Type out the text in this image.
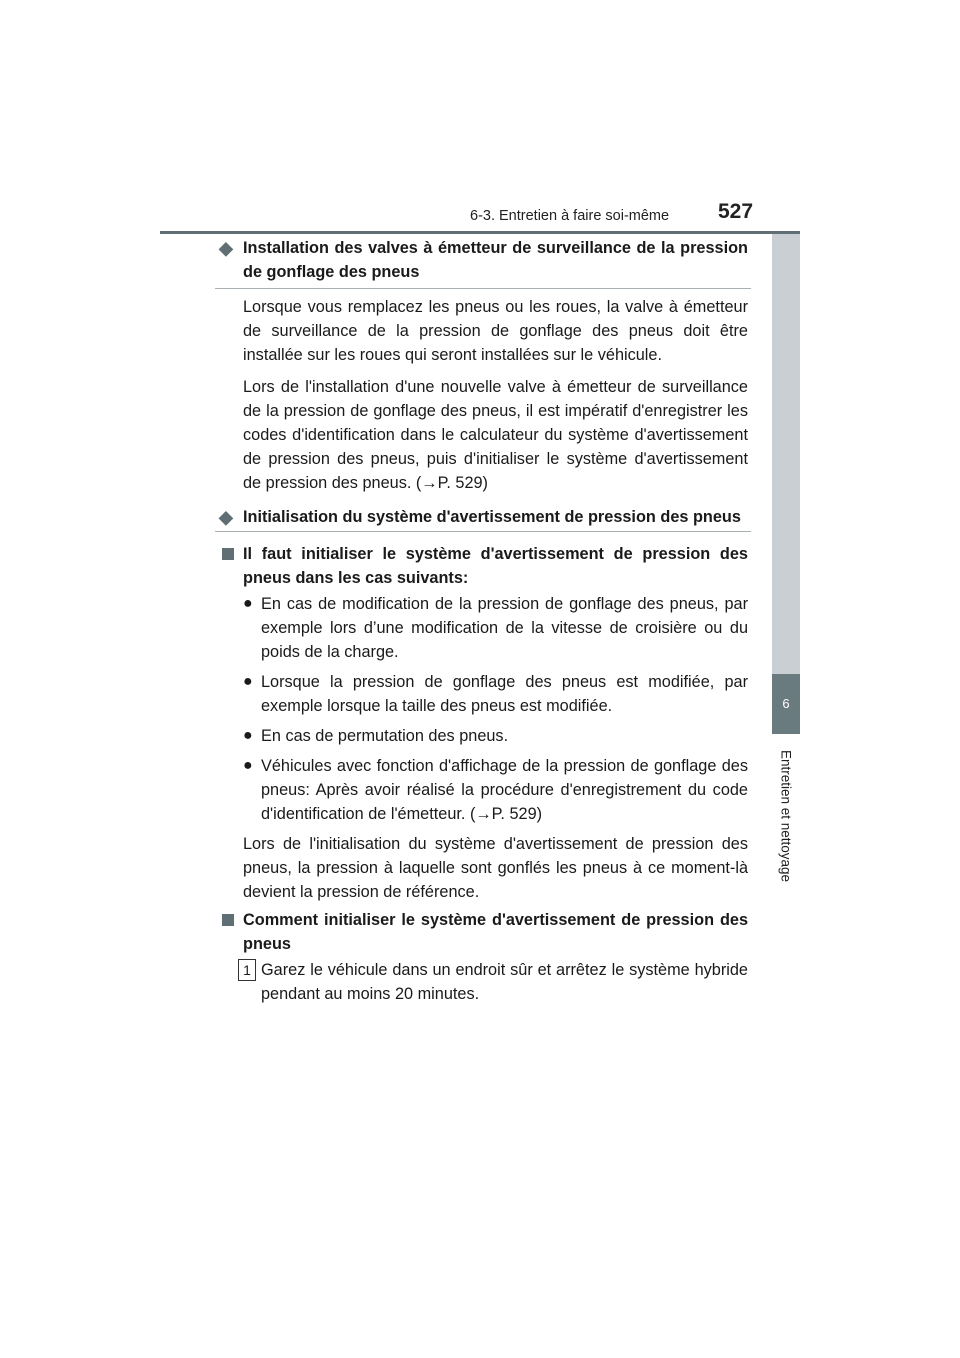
6-3. Entretien à faire soi-même 527
6
Entretien et nettoyage
◆ Installation des valves à émetteur de surveillance de la pression de gonflage des pneus

Lorsque vous remplacez les pneus ou les roues, la valve à émetteur de surveillance de la pression de gonflage des pneus doit être installée sur les roues qui seront installées sur le véhicule.

Lors de l'installation d'une nouvelle valve à émetteur de surveillance de la pression de gonflage des pneus, il est impératif d'enregistrer les codes d'identification dans le calculateur du système d'avertissement de pression des pneus, puis d'initialiser le système d'avertissement de pression des pneus. (→P. 529)

◆ Initialisation du système d'avertissement de pression des pneus
Il faut initialiser le système d'avertissement de pression des pneus dans les cas suivants:
● En cas de modification de la pression de gonflage des pneus, par exemple lors d’une modification de la vitesse de croisière ou du poids de la charge.
● Lorsque la pression de gonflage des pneus est modifiée, par exemple lorsque la taille des pneus est modifiée.
● En cas de permutation des pneus.
● Véhicules avec fonction d'affichage de la pression de gonflage des pneus: Après avoir réalisé la procédure d'enregistrement du code d'identification de l'émetteur. (→P. 529)

Lors de l'initialisation du système d'avertissement de pression des pneus, la pression à laquelle sont gonflés les pneus à ce moment-là devient la pression de référence.

Comment initialiser le système d'avertissement de pression des pneus
1 Garez le véhicule dans un endroit sûr et arrêtez le système hybride pendant au moins 20 minutes.
